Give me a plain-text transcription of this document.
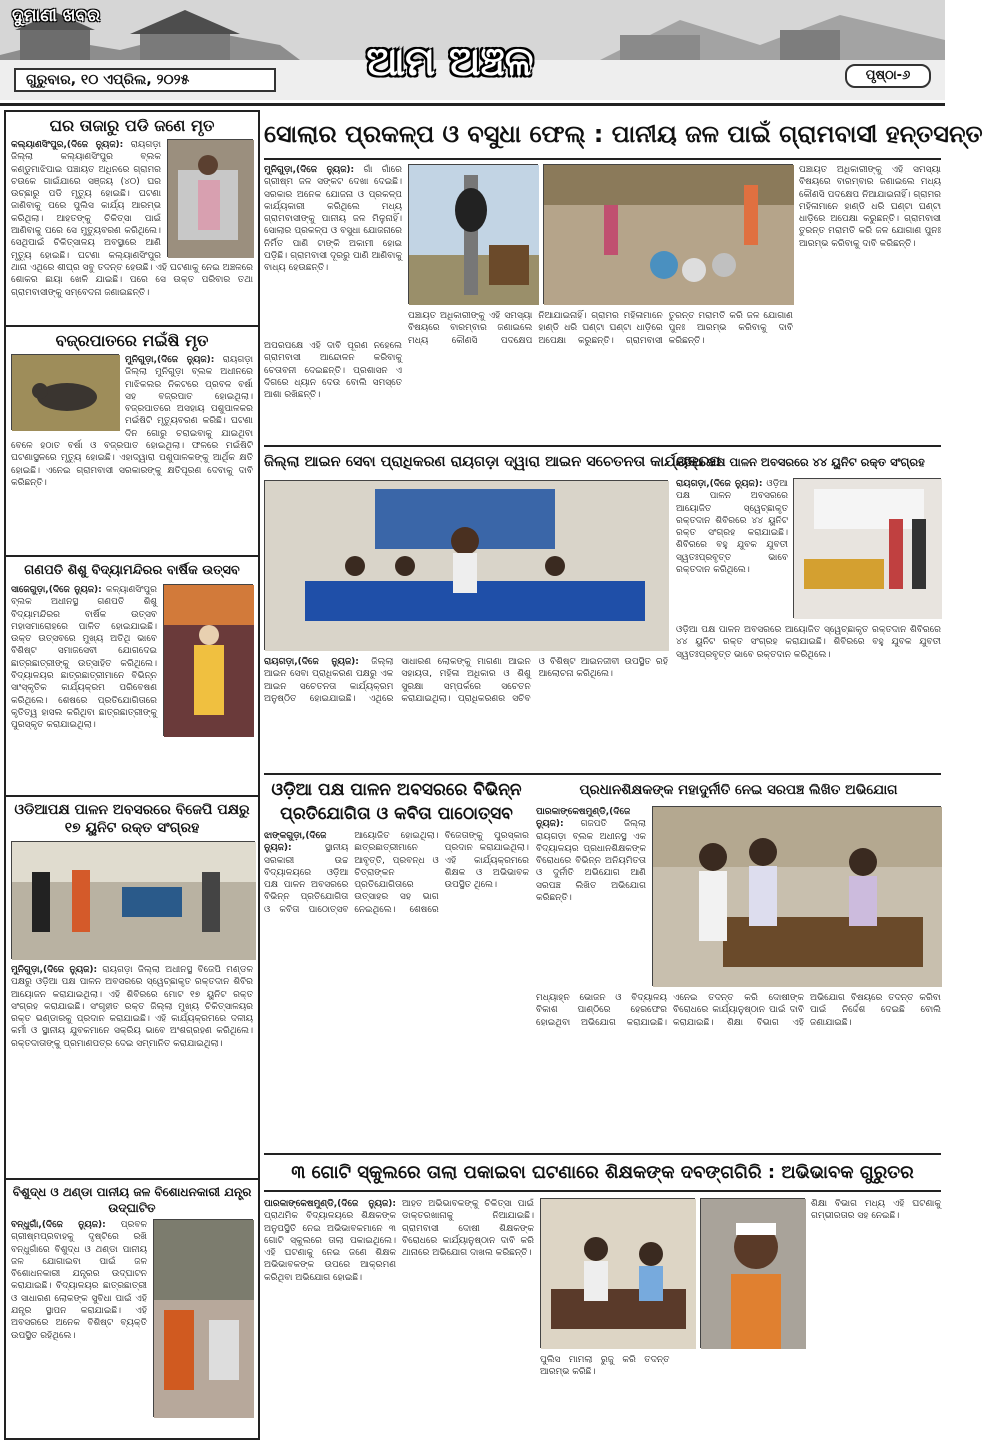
ଦୁମାଣୀ ଖବର
ଆମ ଅଞ୍ଚଳ
ଗୁରୁବାର, ୧୦ ଏପ୍ରିଲ, ୨୦୨୫	ପୃଷ୍ଠା-୬
ଘର ତାଜାରୁ ପଡି ଜଣେ ମୃତ
କଲ୍ୟାଣସିଂପୁର,(ଦିଜେ ନ୍ୟୁଜ): ରାୟଗଡ଼ା ଜିଲ୍ଲା କଲ୍ୟାଣସିଂପୁର ବ୍ଲକ କଣ୍ଡୁମାଝିପାଇ ପଞ୍ଚାୟତ ଅଧିନରେ ଗ୍ରାମର ଚଉକେ ଗାଇଁଯାରେ ସଞ୍ଜୟ (୪୦) ଘର ଉଚ୍ଛାରୁ ପଡି ମୃତ୍ୟୁ ହୋଇଛି। ଘଟଣା ଜାଣିବାକୁ ପରେ ପୁଲିସ କାର୍ଯ୍ୟ ଆରମ୍ଭ କରିଥିଲା। ଆହତଙ୍କୁ ଚିକିତ୍ସା ପାଇଁ ଆଣିବାକୁ ପରେ ସେ ମୁତ୍ୟୁବରଣ କରିଥିଲେ। ସେଥିପାଇଁ ଚିକିତ୍ସାଳୟ ଅବସ୍ଥାରେ ଆଣି ମୃତ୍ୟୁ ହୋଇଛି। ଘଟଣା କଲ୍ୟାଣସିଂପୁର ଥାନା ଏଥିରେ ଶୀଘ୍ର ସବୁ ତଦନ୍ତ ହେଉଛି। ଏହି ଘଟଣାକୁ ନେଇ ଅଞ୍ଚଳରେ ଶୋକର ଛାୟା ଖେଳି ଯାଇଛି। ପରେ ସେ ଉକ୍ତ ପରିବାର ତଥା ଗ୍ରାମବାସୀଙ୍କୁ ସମ୍ବେଦନା ଜଣାଇଛନ୍ତି।
ବଜ୍ରପାତରେ ମଇଁଷି ମୃତ
ମୁନିଗୁଡ଼ା,(ଦିଜେ ନ୍ୟୁଜ): ରାୟଗଡ଼ା ଜିଲ୍ଲା ମୁନିଗୁଡ଼ା ବ୍ଲକ ଅଧୀନରେ ମାଝିକଲର ନିକଟରେ ପ୍ରବଳ ବର୍ଷା ସହ ବଜ୍ରପାତ ହୋଇଥିଲା। ବଜ୍ରପାତରେ ଅସହାୟ ପଶୁପାଳକର ମଇଁଷିଟି ମୃତ୍ୟୁବରଣ କରିଛି। ଘଟଣା ଦିନ ଗୋରୁ ଚରାଇବାକୁ ଯାଇଥିବା ବେଳେ ହଠାତ ବର୍ଷା ଓ ବଜ୍ରପାତ ହୋଇଥିଲା। ଫଳରେ ମଇଁଷିଟି ଘଟଣାସ୍ଥଳରେ ମୃତ୍ୟୁ ହୋଇଛି। ଏହାଦ୍ୱାରା ପଶୁପାଳକଙ୍କୁ ଆର୍ଥିକ କ୍ଷତି ହୋଇଛି। ଏନେଇ ଗ୍ରାମବାସୀ ସରକାରଙ୍କୁ କ୍ଷତିପୂରଣ ଦେବାକୁ ଦାବି କରିଛନ୍ତି।
ଗଣପତି ଶିଶୁ ବିଦ୍ୟାମନ୍ଦିରର ବାର୍ଷିକ ଉତ୍ସବ
ସାଜେଗୁଡ଼ା,(ଦିଜେ ନ୍ୟୁଜ): କଳ୍ୟାଣସିଂପୁର ବ୍ଲକ ଅଧୀନସ୍ଥ ଗଣପତି ଶିଶୁ ବିଦ୍ୟାମନ୍ଦିରର ବାର୍ଷିକ ଉତ୍ସବ ମହାସମାରୋହରେ ପାଳିତ ହୋଇଯାଇଛି। ଉକ୍ତ ଉତ୍ସବରେ ମୁଖ୍ୟ ଅତିଥି ଭାବେ ବିଶିଷ୍ଟ ସମାଜସେବୀ ଯୋଗଦେଇ ଛାତ୍ରଛାତ୍ରୀଙ୍କୁ ଉତ୍ସାହିତ କରିଥିଲେ। ବିଦ୍ୟାଳୟର ଛାତ୍ରଛାତ୍ରୀମାନେ ବିଭିନ୍ନ ସାଂସ୍କୃତିକ କାର୍ଯ୍ୟକ୍ରମ ପରିବେଷଣ କରିଥିଲେ। ଶେଷରେ ପ୍ରତିଯୋଗିତାରେ କୃତିତ୍ୱ ହାସଲ କରିଥିବା ଛାତ୍ରଛାତ୍ରୀଙ୍କୁ ପୁରସ୍କୃତ କରାଯାଇଥିଲା।
ଓଡିଆପକ୍ଷ ପାଳନ ଅବସରରେ ବିଜେପି ପକ୍ଷରୁ ୧୭ ୟୁନିଟ ରକ୍ତ ସଂଗ୍ରହ
ମୁନିଗୁଡ଼ା,(ଦିଜେ ନ୍ୟୁଜ): ରାୟଗଡ଼ା ଜିଲ୍ଲା ଅଧୀନସ୍ଥ ବିଜେପି ମଣ୍ଡଳ ପକ୍ଷରୁ ଓଡ଼ିଆ ପକ୍ଷ ପାଳନ ଅବସରରେ ସ୍ୱେଚ୍ଛାକୃତ ରକ୍ତଦାନ ଶିବିର ଆୟୋଜନ କରାଯାଇଥିଲା। ଏହି ଶିବିରରେ ମୋଟ ୧୭ ୟୁନିଟ ରକ୍ତ ସଂଗ୍ରହ କରାଯାଇଛି। ସଂଗୃହୀତ ରକ୍ତ ଜିଲ୍ଲା ମୁଖ୍ୟ ଚିକିତ୍ସାଳୟର ରକ୍ତ ଭଣ୍ଡାରକୁ ପ୍ରଦାନ କରାଯାଇଛି। ଏହି କାର୍ଯ୍ୟକ୍ରମରେ ଦଳୀୟ କର୍ମୀ ଓ ସ୍ଥାନୀୟ ଯୁବକମାନେ ସକ୍ରିୟ ଭାବେ ଅଂଶଗ୍ରହଣ କରିଥିଲେ। ରକ୍ତଦାତାଙ୍କୁ ପ୍ରମାଣପତ୍ର ଦେଇ ସମ୍ମାନିତ କରାଯାଇଥିଲା।
ବିଶୁଦ୍ଧ ଓ ଥଣ୍ଡା ପାନୀୟ ଜଳ ବିଶୋଧନକାରୀ ଯନ୍ତ୍ର ଉଦ୍‌ଘାଟିତ
ବନ୍ଧୁଗାଁ,(ଦିଜେ ନ୍ୟୁଜ): ପ୍ରବଳ ଗ୍ରୀଷ୍ମପ୍ରବାହକୁ ଦୃଷ୍ଟିରେ ରଖି ବନ୍ଧୁଗାଁରେ ବିଶୁଦ୍ଧ ଓ ଥଣ୍ଡା ପାନୀୟ ଜଳ ଯୋଗାଇବା ପାଇଁ ଜଳ ବିଶୋଧନକାରୀ ଯନ୍ତ୍ରର ଉଦ୍‌ଘାଟନ କରାଯାଇଛି। ବିଦ୍ୟାଳୟର ଛାତ୍ରଛାତ୍ରୀ ଓ ସାଧାରଣ ଲୋକଙ୍କ ସୁବିଧା ପାଇଁ ଏହି ଯନ୍ତ୍ର ସ୍ଥାପନ କରାଯାଇଛି। ଏହି ଅବସରରେ ଅନେକ ବିଶିଷ୍ଟ ବ୍ୟକ୍ତି ଉପସ୍ଥିତ ରହିଥିଲେ।
ସୋଲାର ପ୍ରକଳ୍ପ ଓ ବସୁଧା ଫେଲ୍ : ପାନୀୟ ଜଳ ପାଇଁ ଗ୍ରାମବାସୀ ହନ୍ତସନ୍ତ
ମୁନିଗୁଡ଼ା,(ଦିଜେ ନ୍ୟୁଜ): ଗାଁ ଗାଁରେ ଗ୍ରୀଷ୍ମ ଜଳ ସଙ୍କଟ ଦେଖା ଦେଇଛି। ସରକାର ଅନେକ ଯୋଜନା ଓ ପ୍ରକଳ୍ପ କାର୍ଯ୍ୟକାରୀ କରିଥିଲେ ମଧ୍ୟ ଗ୍ରାମବାସୀଙ୍କୁ ପାନୀୟ ଜଳ ମିଳୁନାହିଁ। ସୋଲାର ପ୍ରକଳ୍ପ ଓ ବସୁଧା ଯୋଜନାରେ ନିର୍ମିତ ପାଣି ଟାଙ୍କି ଅକାମୀ ହୋଇ ପଡ଼ିଛି। ଗ୍ରାମବାସୀ ଦୂରରୁ ପାଣି ଆଣିବାକୁ ବାଧ୍ୟ ହେଉଛନ୍ତି।
ପଞ୍ଚାୟତ ଅଧିକାରୀଙ୍କୁ ଏହି ସମସ୍ୟା ବିଷୟରେ ବାରମ୍ବାର ଜଣାଇଲେ ମଧ୍ୟ କୌଣସି ପଦକ୍ଷେପ ନିଆଯାଇନାହିଁ। ଗ୍ରାମର ମହିଳାମାନେ ହାଣ୍ଡି ଧରି ଘଣ୍ଟା ଘଣ୍ଟା ଧାଡ଼ିରେ ଅପେକ୍ଷା କରୁଛନ୍ତି। ଗ୍ରାମବାସୀ ତୁରନ୍ତ ମରାମତି କରି ଜଳ ଯୋଗାଣ ପୁନଃ ଆରମ୍ଭ କରିବାକୁ ଦାବି କରିଛନ୍ତି।
ଅପରପକ୍ଷେ ଏହି ଦାବି ପୂରଣ ନହେଲେ ଗ୍ରାମବାସୀ ଆନ୍ଦୋଳନ କରିବାକୁ ଚେତାବନୀ ଦେଇଛନ୍ତି। ପ୍ରଶାସନ ଏ ଦିଗରେ ଧ୍ୟାନ ଦେଉ ବୋଲି ସମସ୍ତେ ଆଶା ରଖିଛନ୍ତି।
ପଞ୍ଚାୟତ ଅଧିକାରୀଙ୍କୁ ଏହି ସମସ୍ୟା ବିଷୟରେ ବାରମ୍ବାର ଜଣାଇଲେ ମଧ୍ୟ କୌଣସି ପଦକ୍ଷେପ ନିଆଯାଇନାହିଁ। ଗ୍ରାମର ମହିଳାମାନେ ହାଣ୍ଡି ଧରି ଘଣ୍ଟା ଘଣ୍ଟା ଧାଡ଼ିରେ ଅପେକ୍ଷା କରୁଛନ୍ତି। ଗ୍ରାମବାସୀ ତୁରନ୍ତ ମରାମତି କରି ଜଳ ଯୋଗାଣ ପୁନଃ ଆରମ୍ଭ କରିବାକୁ ଦାବି କରିଛନ୍ତି।
ଜିଲ୍ଲା ଆଇନ ସେବା ପ୍ରାଧିକରଣ ରାୟଗଡ଼ା ଦ୍ୱାରା ଆଇନ ସଚେତନତା କାର୍ଯ୍ୟକ୍ରମ
ରାୟଗଡ଼ା,(ଦିଜେ ନ୍ୟୁଜ): ଜିଲ୍ଲା ଆଇନ ସେବା ପ୍ରାଧିକରଣ ପକ୍ଷରୁ ଏକ ଆଇନ ସଚେତନତା କାର୍ଯ୍ୟକ୍ରମ ଅନୁଷ୍ଠିତ ହୋଇଯାଇଛି। ଏଥିରେ ସାଧାରଣ ଲୋକଙ୍କୁ ମାଗଣା ଆଇନ ସହାୟତା, ମହିଳା ଅଧିକାର ଓ ଶିଶୁ ସୁରକ୍ଷା ସମ୍ପର୍କରେ ସଚେତନ କରାଯାଇଥିଲା। ପ୍ରାଧିକରଣର ସଚିବ ଓ ବିଶିଷ୍ଟ ଆଇନଜୀବୀ ଉପସ୍ଥିତ ରହି ଆଲୋଚନା କରିଥିଲେ।
ଓଡିଆ ପକ୍ଷ ପାଳନ ଅବସରରେ ୪୪ ୟୁନିଟ ରକ୍ତ ସଂଗ୍ରହ
ରାୟଗଡ଼ା,(ଦିଜେ ନ୍ୟୁଜ): ଓଡ଼ିଆ ପକ୍ଷ ପାଳନ ଅବସରରେ ଆୟୋଜିତ ସ୍ୱେଚ୍ଛାକୃତ ରକ୍ତଦାନ ଶିବିରରେ ୪୪ ୟୁନିଟ ରକ୍ତ ସଂଗ୍ରହ କରାଯାଇଛି। ଶିବିରରେ ବହୁ ଯୁବକ ଯୁବତୀ ସ୍ୱତଃପ୍ରବୃତ୍ତ ଭାବେ ରକ୍ତଦାନ କରିଥିଲେ।
ଓଡ଼ିଆ ପକ୍ଷ ପାଳନ ଅବସରରେ ଆୟୋଜିତ ସ୍ୱେଚ୍ଛାକୃତ ରକ୍ତଦାନ ଶିବିରରେ ୪୪ ୟୁନିଟ ରକ୍ତ ସଂଗ୍ରହ କରାଯାଇଛି। ଶିବିରରେ ବହୁ ଯୁବକ ଯୁବତୀ ସ୍ୱତଃପ୍ରବୃତ୍ତ ଭାବେ ରକ୍ତଦାନ କରିଥିଲେ।
ଓଡ଼ିଆ ପକ୍ଷ ପାଳନ ଅବସରରେ ବିଭିନ୍ନ
ପ୍ରତିଯୋଗିତା ଓ କବିତା ପାଠୋତ୍ସବ
ଝାଙ୍କଗୁଡ଼ା,(ଦିଜେ ନ୍ୟୁଜ):	ସ୍ଥାନୀୟ ସରକାରୀ ଉଚ୍ଚ ବିଦ୍ୟାଳୟରେ ଓଡ଼ିଆ ପକ୍ଷ ପାଳନ ଅବସରରେ ବିଭିନ୍ନ ପ୍ରତିଯୋଗିତା ଓ କବିତା ପାଠୋତ୍ସବ ଆୟୋଜିତ ହୋଇଥିଲା। ଛାତ୍ରଛାତ୍ରୀମାନେ ଆବୃତ୍ତି, ପ୍ରବନ୍ଧ ଓ ଚିତ୍ରାଙ୍କନ ପ୍ରତିଯୋଗିତାରେ ଉତ୍ସାହର ସହ ଭାଗ ନେଇଥିଲେ। ଶେଷରେ ବିଜେତାଙ୍କୁ ପୁରସ୍କାର ପ୍ରଦାନ କରାଯାଇଥିଲା। ଏହି କାର୍ଯ୍ୟକ୍ରମରେ ଶିକ୍ଷକ ଓ ଅଭିଭାବକ ଉପସ୍ଥିତ ଥିଲେ।
ପ୍ରଧାନଶିକ୍ଷକଙ୍କ ମହାଦୁର୍ନୀତି ନେଇ ସରପଞ୍ଚ ଲିଖିତ ଅଭିଯୋଗ
ପାରକାଙ୍କେଷମୁଣ୍ଡି,(ଦିଜେ ନ୍ୟୁଜ): ଗଜପତି ଜିଲ୍ଲା ରାୟଗଡ଼ା ବ୍ଲକ ଅଧୀନସ୍ଥ ଏକ ବିଦ୍ୟାଳୟର ପ୍ରଧାନଶିକ୍ଷକଙ୍କ ବିରୋଧରେ ବିଭିନ୍ନ ଅନିୟମିତତା ଓ ଦୁର୍ନୀତି ଅଭିଯୋଗ ଆଣି ସରପଞ୍ଚ ଲିଖିତ ଅଭିଯୋଗ କରିଛନ୍ତି।
ମଧ୍ୟାହ୍ନ ଭୋଜନ ଓ ବିଦ୍ୟାଳୟ ବିକାଶ ପାଣ୍ଠିରେ ହେରଫେର ହୋଇଥିବା ଅଭିଯୋଗ କରାଯାଇଛି। ଏନେଇ ତଦନ୍ତ କରି ଦୋଷୀଙ୍କ ବିରୋଧରେ କାର୍ଯ୍ୟାନୁଷ୍ଠାନ ପାଇଁ ଦାବି କରାଯାଇଛି। ଶିକ୍ଷା ବିଭାଗ ଏହି ଅଭିଯୋଗ ବିଷୟରେ ତଦନ୍ତ କରିବା ପାଇଁ ନିର୍ଦ୍ଦେଶ ଦେଇଛି ବୋଲି ଜଣାଯାଇଛି।
୩ ଗୋଟି ସ୍କୁଲରେ ତାଲା ପକାଇବା ଘଟଣାରେ ଶିକ୍ଷକଙ୍କ ଦବଙ୍ଗଗିରି : ଅଭିଭାବକ ଗୁରୁତର
ପାରକାଙ୍କେଷମୁଣ୍ଡି,(ଦିଜେ ନ୍ୟୁଜ): ପ୍ରାଥମିକ ବିଦ୍ୟାଳୟରେ ଶିକ୍ଷକଙ୍କ ଅନୁପସ୍ଥିତି ନେଇ ଅଭିଭାବକମାନେ ୩ ଗୋଟି ସ୍କୁଲରେ ତାଲା ପକାଇଥିଲେ। ଏହି ଘଟଣାକୁ ନେଇ ଜଣେ ଶିକ୍ଷକ ଅଭିଭାବକଙ୍କ ଉପରେ ଆକ୍ରମଣ କରିଥିବା ଅଭିଯୋଗ ହୋଇଛି।
ଆହତ ଅଭିଭାବକଙ୍କୁ ଚିକିତ୍ସା ପାଇଁ ଡାକ୍ତରଖାନାକୁ ନିଆଯାଇଛି। ଗ୍ରାମବାସୀ ଦୋଷୀ ଶିକ୍ଷକଙ୍କ ବିରୋଧରେ କାର୍ଯ୍ୟାନୁଷ୍ଠାନ ଦାବି କରି ଥାନାରେ ଅଭିଯୋଗ ଦାଖଲ କରିଛନ୍ତି।
ପୁଲିସ ମାମଲା ରୁଜୁ କରି ତଦନ୍ତ ଆରମ୍ଭ କରିଛି।
ଶିକ୍ଷା ବିଭାଗ ମଧ୍ୟ ଏହି ଘଟଣାକୁ ଗମ୍ଭୀରତାର ସହ ନେଇଛି।
